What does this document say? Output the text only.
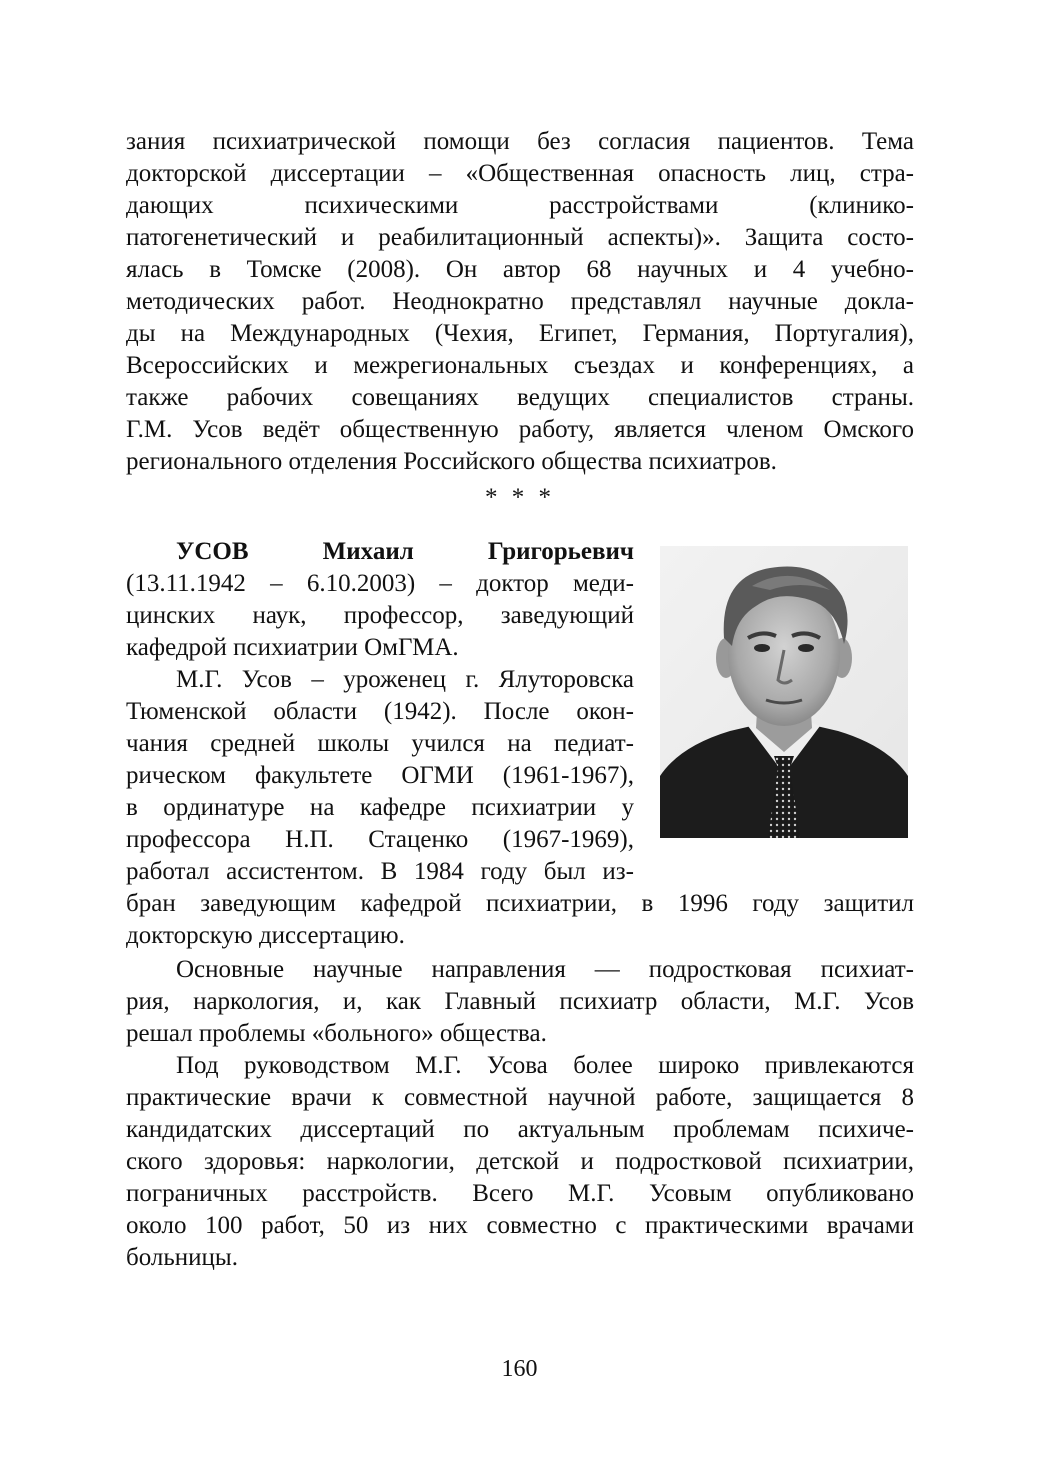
зания психиатрической помощи без согласия пациентов. Тема
докторской диссертации – «Общественная опасность лиц, стра-
дающих психическими расстройствами (клинико-
патогенетический и реабилитационный аспекты)». Защита состо-
ялась в Томске (2008). Он автор 68 научных и 4 учебно-
методических работ. Неоднократно представлял научные доклa-
ды на Международных (Чехия, Египет, Германия, Португалия),
Всероссийских и межрегиональных съездах и конференциях, а
также рабочих совещаниях ведущих специалистов страны.
Г.М. Усов ведёт общественную работу, является членом Омского
регионального отделения Российского общества психиатров.
* * *
УСОВ Михаил Григорьевич
(13.11.1942 – 6.10.2003) – доктор меди-
цинских наук, профессор, заведующий
кафедрой психиатрии ОмГМА.
М.Г. Усов – уроженец г. Ялуторовска
Тюменской области (1942). После окон-
чания средней школы учился на педиат-
рическом факультете ОГМИ (1961-1967),
в ординатуре на кафедре психиатрии у
профессора Н.П. Стаценко (1967-1969),
работал ассистентом. В 1984 году был из-
бран заведующим кафедрой психиатрии, в 1996 году защитил
докторскую диссертацию.
Основные научные направления — подростковая психиат-
рия, наркология, и, как Главный психиатр области, М.Г. Усов
решал проблемы «больного» общества.
Под руководством М.Г. Усова более широко привлекаются
практические врачи к совместной научной работе, защищается 8
кандидатских диссертаций по актуальным проблемам психиче-
ского здоровья: наркологии, детской и подростковой психиатрии,
пограничных расстройств. Всего М.Г. Усовым опубликовано
около 100 работ, 50 из них совместно с практическими врачами
больницы.
160
